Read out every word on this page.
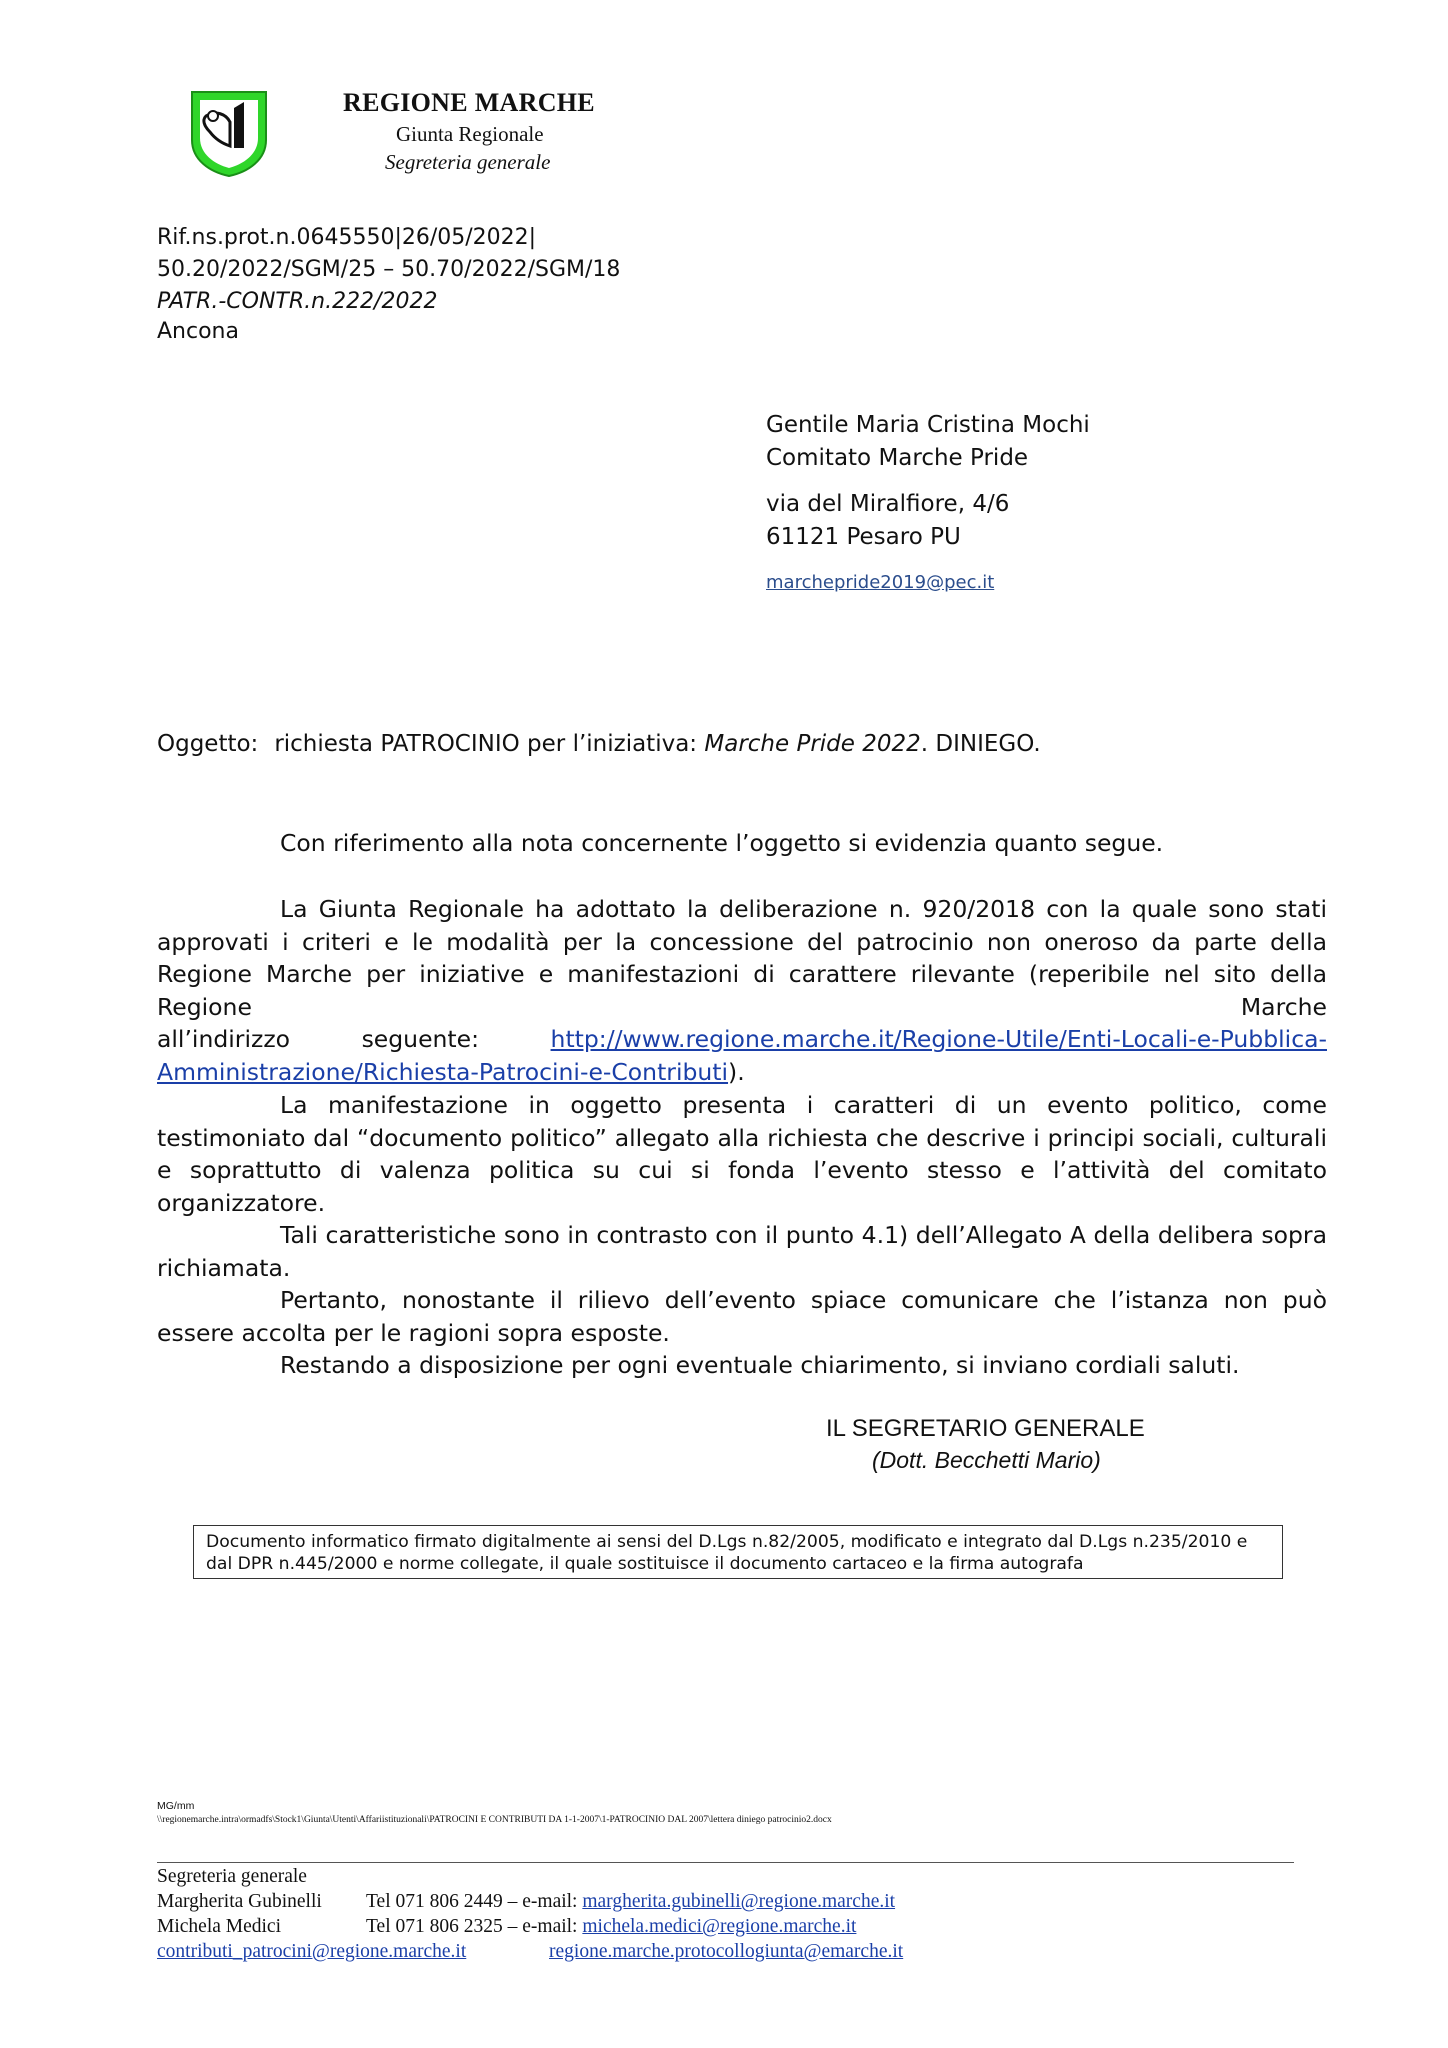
REGIONE MARCHE
Giunta Regionale
Segreteria generale
Rif.ns.prot.n.0645550|26/05/2022|
50.20/2022/SGM/25 – 50.70/2022/SGM/18
PATR.-CONTR.n.222/2022
Ancona
Gentile Maria Cristina Mochi
Comitato Marche Pride
via del Miralfiore, 4/6
61121 Pesaro PU
marchepride2019@pec.it
Oggetto: richiesta PATROCINIO per l’iniziativa: Marche Pride 2022. DINIEGO.
Con riferimento alla nota concernente l’oggetto si evidenzia quanto segue.
La Giunta Regionale ha adottato la deliberazione n. 920/2018 con la quale sono stati approvati i criteri e le modalità per la concessione del patrocinio non oneroso da parte della Regione Marche per iniziative e manifestazioni di carattere rilevante (reperibile nel sito della Regione Marche
all’indirizzo	seguente:	http://www.regione.marche.it/Regione-Utile/Enti-Locali-e-Pubblica-
Amministrazione/Richiesta-Patrocini-e-Contributi).
La manifestazione in oggetto presenta i caratteri di un evento politico, come testimoniato dal “documento politico” allegato alla richiesta che descrive i principi sociali, culturali e soprattutto di valenza politica su cui si fonda l’evento stesso e l’attività del comitato organizzatore.
Tali caratteristiche sono in contrasto con il punto 4.1) dell’Allegato A della delibera sopra richiamata.
Pertanto, nonostante il rilievo dell’evento spiace comunicare che l’istanza non può essere accolta per le ragioni sopra esposte.
Restando a disposizione per ogni eventuale chiarimento, si inviano cordiali saluti.
IL SEGRETARIO GENERALE
(Dott. Becchetti Mario)
Documento informatico firmato digitalmente ai sensi del D.Lgs n.82/2005, modificato e integrato dal D.Lgs n.235/2010 e dal DPR n.445/2000 e norme collegate, il quale sostituisce il documento cartaceo e la firma autografa
MG/mm
\\regionemarche.intra\ormadfs\Stock1\Giunta\Utenti\Affariistituzionali\PATROCINI E CONTRIBUTI DA 1-1-2007\1-PATROCINIO DAL 2007\lettera diniego patrocinio2.docx
Segreteria generale
Margherita Gubinelli Tel 071 806 2449 – e-mail: margherita.gubinelli@regione.marche.it
Michela Medici	Tel 071 806 2325 – e-mail: michela.medici@regione.marche.it
contributi_patrocini@regione.marche.it	regione.marche.protocollogiunta@emarche.it
